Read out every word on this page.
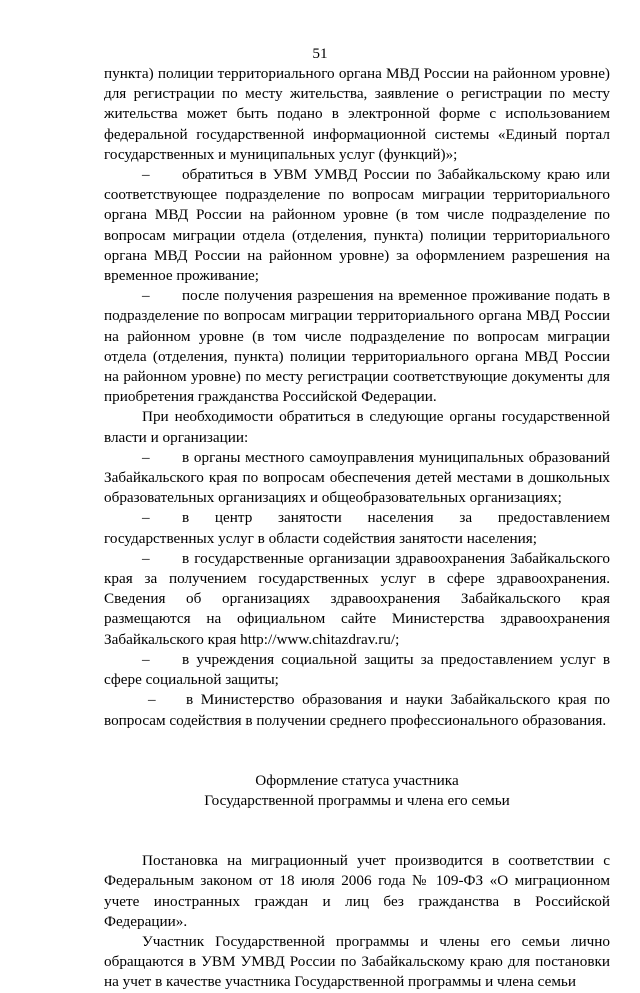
51

пункта) полиции территориального органа МВД России на районном уровне) для регистрации по месту жительства, заявление о регистрации по месту жительства может быть подано в электронной форме с использованием федеральной государственной информационной системы «Единый портал государственных и муниципальных услуг (функций)»;

– обратиться в УВМ УМВД России по Забайкальскому краю или соответствующее подразделение по вопросам миграции территориального органа МВД России на районном уровне (в том числе подразделение по вопросам миграции отдела (отделения, пункта) полиции территориального органа МВД России на районном уровне) за оформлением разрешения на временное проживание;

– после получения разрешения на временное проживание подать в подразделение по вопросам миграции территориального органа МВД России на районном уровне (в том числе подразделение по вопросам миграции отдела (отделения, пункта) полиции территориального органа МВД России на районном уровне) по месту регистрации соответствующие документы для приобретения гражданства Российской Федерации.

При необходимости обратиться в следующие органы государственной власти и организации:

– в органы местного самоуправления муниципальных образований Забайкальского края по вопросам обеспечения детей местами в дошкольных образовательных организациях и общеобразовательных организациях;

– в центр занятости населения за предоставлением государственных услуг в области содействия занятости населения;

– в государственные организации здравоохранения Забайкальского края за получением государственных услуг в сфере здравоохранения. Сведения об организациях здравоохранения Забайкальского края размещаются на официальном сайте Министерства здравоохранения Забайкальского края http://www.chitazdrav.ru/;

– в учреждения социальной защиты за предоставлением услуг в сфере социальной защиты;

– в Министерство образования и науки Забайкальского края по вопросам содействия в получении среднего профессионального образования.

Оформление статуса участника

Государственной программы и члена его семьи

Постановка на миграционный учет производится в соответствии с Федеральным законом от 18 июля 2006 года № 109-ФЗ «О миграционном учете иностранных граждан и лиц без гражданства в Российской Федерации».

Участник Государственной программы и члены его семьи лично обращаются в УВМ УМВД России по Забайкальскому краю для постановки на учет в качестве участника Государственной программы и члена семьи
